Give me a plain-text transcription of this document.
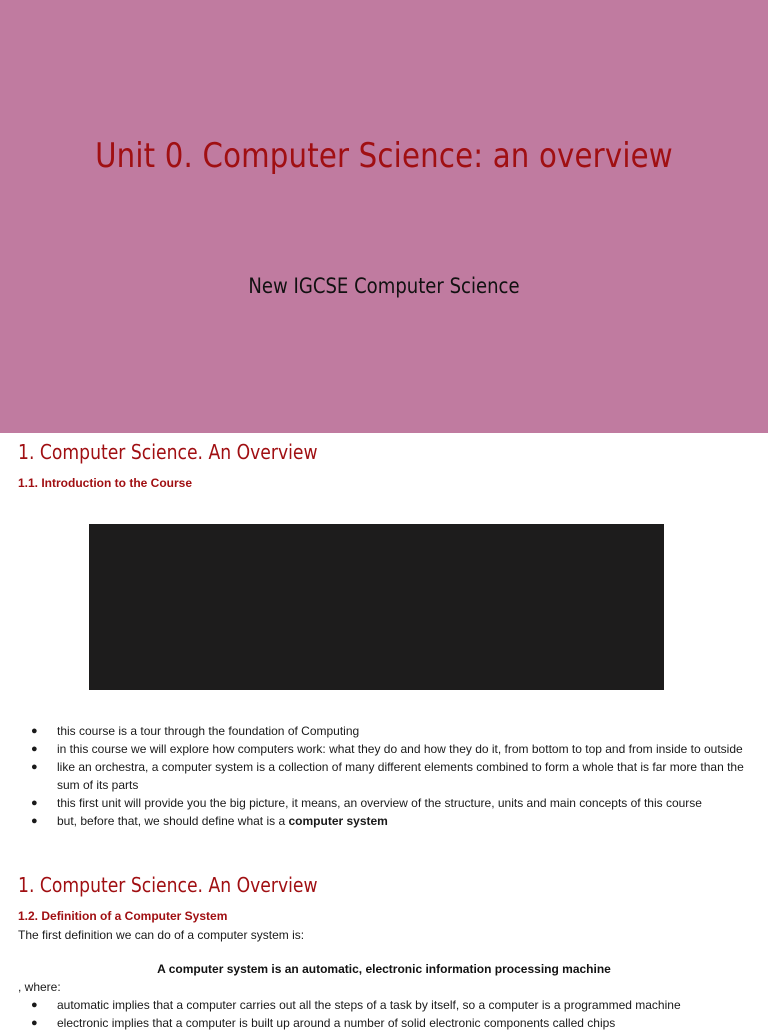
Unit 0. Computer Science: an overview
New IGCSE Computer Science
1. Computer Science. An Overview
1.1. Introduction to the Course
● this course is a tour through the foundation of Computing
● in this course we will explore how computers work: what they do and how they do it, from bottom to top and from inside to outside
● like an orchestra, a computer system is a collection of many different elements combined to form a whole that is far more than the sum of its parts
● this first unit will provide you the big picture, it means, an overview of the structure, units and main concepts of this course
● but, before that, we should define what is a computer system
1. Computer Science. An Overview
1.2. Definition of a Computer System
The first definition we can do of a computer system is:
A computer system is an automatic, electronic information processing machine
, where:
● automatic implies that a computer carries out all the steps of a task by itself, so a computer is a programmed machine
● electronic implies that a computer is built up around a number of solid electronic components called chips
